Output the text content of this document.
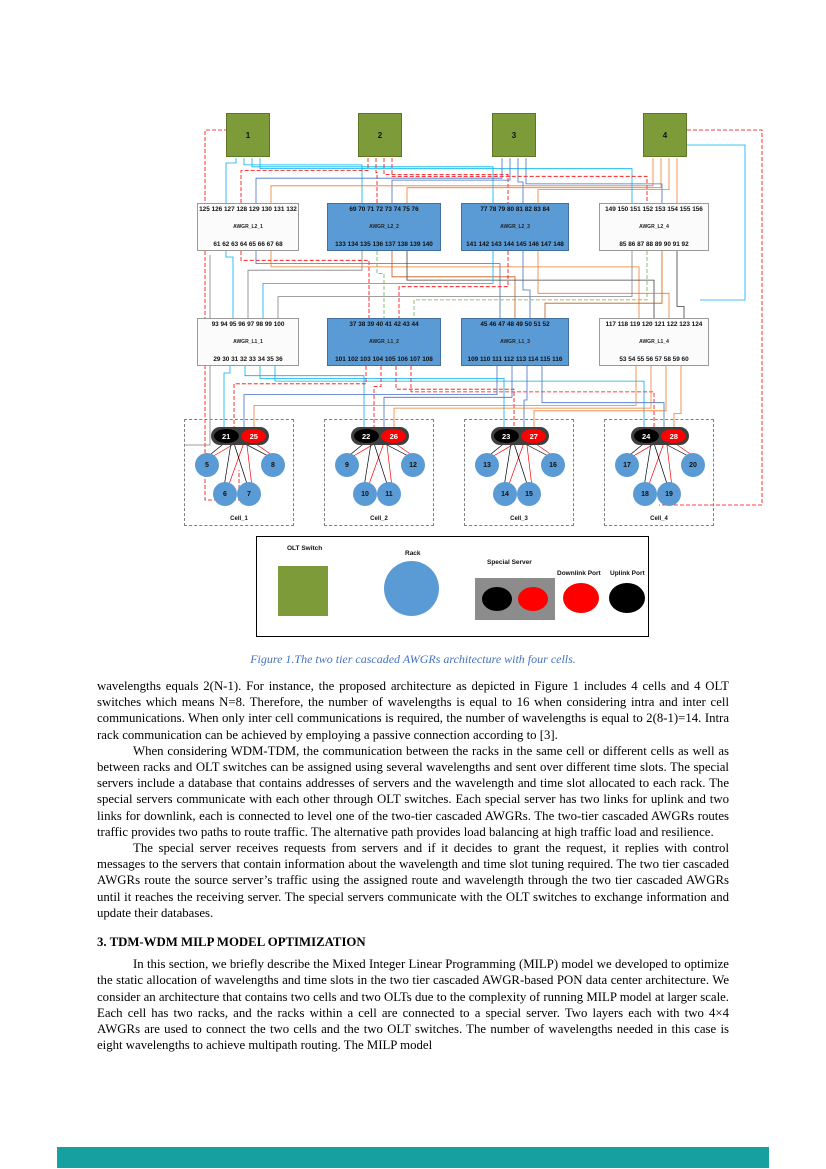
1	2	3	4
125 126 127 128 129 130 131 132
AWGR_L2_1
61 62 63 64 65 66 67 68
69 70 71 72 73 74 75 76
AWGR_L2_2
133 134 135 136 137 138 139 140
77 78 79 80 81 82 83 84
AWGR_L2_3
141 142 143 144 145 146 147 148
149 150 151 152 153 154 155 156
AWGR_L2_4
85 86 87 88 89 90 91 92
93 94 95 96 97 98 99 100
AWGR_L1_1
29 30 31 32 33 34 35 36
37 38 39 40 41 42 43 44
AWGR_L1_2
101 102 103 104 105 106 107 108
45 46 47 48 49 50 51 52
AWGR_L1_3
109 110 111 112 113 114 115 116
117 118 119 120 121 122 123 124
AWGR_L1_4
53 54 55 56 57 58 59 60
21	25
5	8
6	7
Cell_1
22	26
9	12
10	11
Cell_2
23	27
13	16
14	15
Cell_3
24	28
17	20
18	19
Cell_4
OLT Switch
Rack
Special Server
Downlink Port Uplink Port
Figure 1.The two tier cascaded AWGRs architecture with four cells.

wavelengths equals 2(N-1). For instance, the proposed architecture as depicted in Figure 1 includes 4 cells and 4 OLT switches which means N=8. Therefore, the number of wavelengths is equal to 16 when considering intra and inter cell communications. When only inter cell communications is required, the number of wavelengths is equal to 2(8-1)=14. Intra rack communication can be achieved by employing a passive connection according to [3].

When considering WDM-TDM, the communication between the racks in the same cell or different cells as well as between racks and OLT switches can be assigned using several wavelengths and sent over different time slots. The special servers include a database that contains addresses of servers and the wavelength and time slot allocated to each rack. The special servers communicate with each other through OLT switches. Each special server has two links for uplink and two links for downlink, each is connected to level one of the two-tier cascaded AWGRs. The two-tier cascaded AWGRs routes traffic provides two paths to route traffic. The alternative path provides load balancing at high traffic load and resilience.

The special server receives requests from servers and if it decides to grant the request, it replies with control messages to the servers that contain information about the wavelength and time slot tuning required. The two tier cascaded AWGRs route the source server’s traffic using the assigned route and wavelength through the two tier cascaded AWGRs until it reaches the receiving server. The special servers communicate with the OLT switches to exchange information and update their databases.

3. TDM-WDM MILP MODEL OPTIMIZATION

In this section, we briefly describe the Mixed Integer Linear Programming (MILP) model we developed to optimize the static allocation of wavelengths and time slots in the two tier cascaded AWGR-based PON data center architecture. We consider an architecture that contains two cells and two OLTs due to the complexity of running MILP model at larger scale. Each cell has two racks, and the racks within a cell are connected to a special server. Two layers each with two 4×4 AWGRs are used to connect the two cells and the two OLT switches. The number of wavelengths needed in this case is eight wavelengths to achieve multipath routing. The MILP model
